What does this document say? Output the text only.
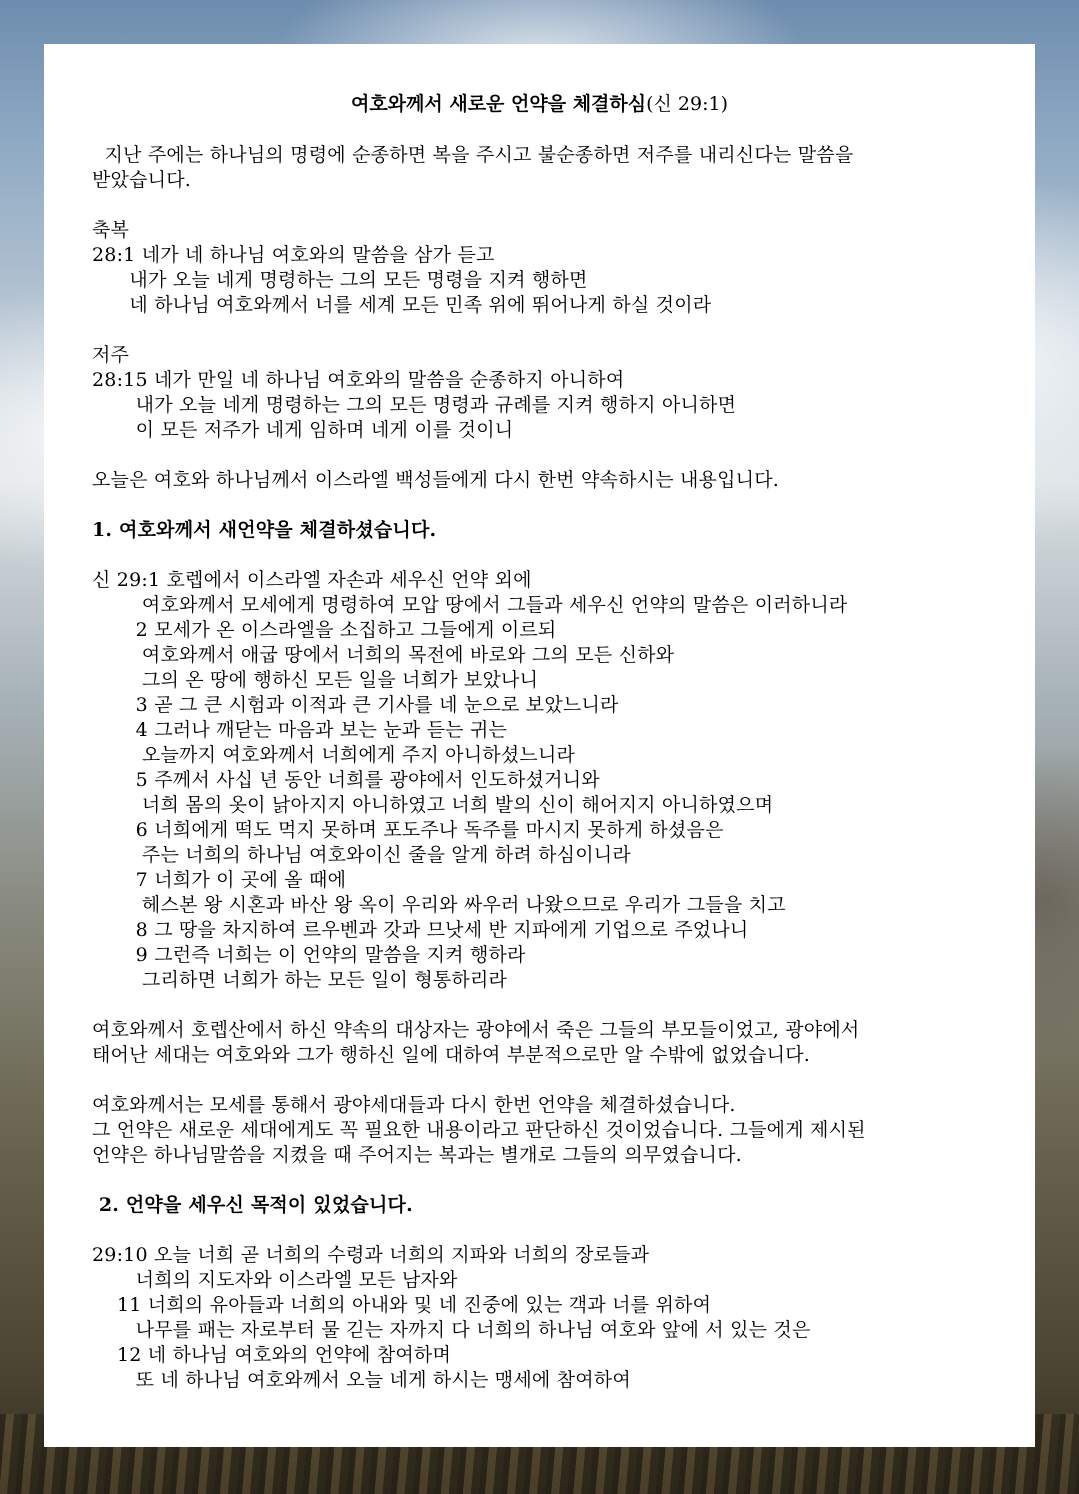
여호와께서 새로운 언약을 체결하심(신 29:1)
지난 주에는 하나님의 명령에 순종하면 복을 주시고 불순종하면 저주를 내리신다는 말씀을
받았습니다.
축복
28:1 네가 네 하나님 여호와의 말씀을 삼가 듣고
내가 오늘 네게 명령하는 그의 모든 명령을 지켜 행하면
네 하나님 여호와께서 너를 세계 모든 민족 위에 뛰어나게 하실 것이라
저주
28:15 네가 만일 네 하나님 여호와의 말씀을 순종하지 아니하여
내가 오늘 네게 명령하는 그의 모든 명령과 규례를 지켜 행하지 아니하면
이 모든 저주가 네게 임하며 네게 이를 것이니
오늘은 여호와 하나님께서 이스라엘 백성들에게 다시 한번 약속하시는 내용입니다.
1. 여호와께서 새언약을 체결하셨습니다.
신 29:1 호렙에서 이스라엘 자손과 세우신 언약 외에
여호와께서 모세에게 명령하여 모압 땅에서 그들과 세우신 언약의 말씀은 이러하니라
2 모세가 온 이스라엘을 소집하고 그들에게 이르되
여호와께서 애굽 땅에서 너희의 목전에 바로와 그의 모든 신하와
그의 온 땅에 행하신 모든 일을 너희가 보았나니
3 곧 그 큰 시험과 이적과 큰 기사를 네 눈으로 보았느니라
4 그러나 깨닫는 마음과 보는 눈과 듣는 귀는
오늘까지 여호와께서 너희에게 주지 아니하셨느니라
5 주께서 사십 년 동안 너희를 광야에서 인도하셨거니와
너희 몸의 옷이 낡아지지 아니하였고 너희 발의 신이 해어지지 아니하였으며
6 너희에게 떡도 먹지 못하며 포도주나 독주를 마시지 못하게 하셨음은
주는 너희의 하나님 여호와이신 줄을 알게 하려 하심이니라
7 너희가 이 곳에 올 때에
헤스본 왕 시혼과 바산 왕 옥이 우리와 싸우러 나왔으므로 우리가 그들을 치고
8 그 땅을 차지하여 르우벤과 갓과 므낫세 반 지파에게 기업으로 주었나니
9 그런즉 너희는 이 언약의 말씀을 지켜 행하라
그리하면 너희가 하는 모든 일이 형통하리라
여호와께서 호렙산에서 하신 약속의 대상자는 광야에서 죽은 그들의 부모들이었고, 광야에서
태어난 세대는 여호와와 그가 행하신 일에 대하여 부분적으로만 알 수밖에 없었습니다.
여호와께서는 모세를 통해서 광야세대들과 다시 한번 언약을 체결하셨습니다.
그 언약은 새로운 세대에게도 꼭 필요한 내용이라고 판단하신 것이었습니다. 그들에게 제시된
언약은 하나님말씀을 지켰을 때 주어지는 복과는 별개로 그들의 의무였습니다.
2. 언약을 세우신 목적이 있었습니다.
29:10 오늘 너희 곧 너희의 수령과 너희의 지파와 너희의 장로들과
너희의 지도자와 이스라엘 모든 남자와
11 너희의 유아들과 너희의 아내와 및 네 진중에 있는 객과 너를 위하여
나무를 패는 자로부터 물 긷는 자까지 다 너희의 하나님 여호와 앞에 서 있는 것은
12 네 하나님 여호와의 언약에 참여하며
또 네 하나님 여호와께서 오늘 네게 하시는 맹세에 참여하여
